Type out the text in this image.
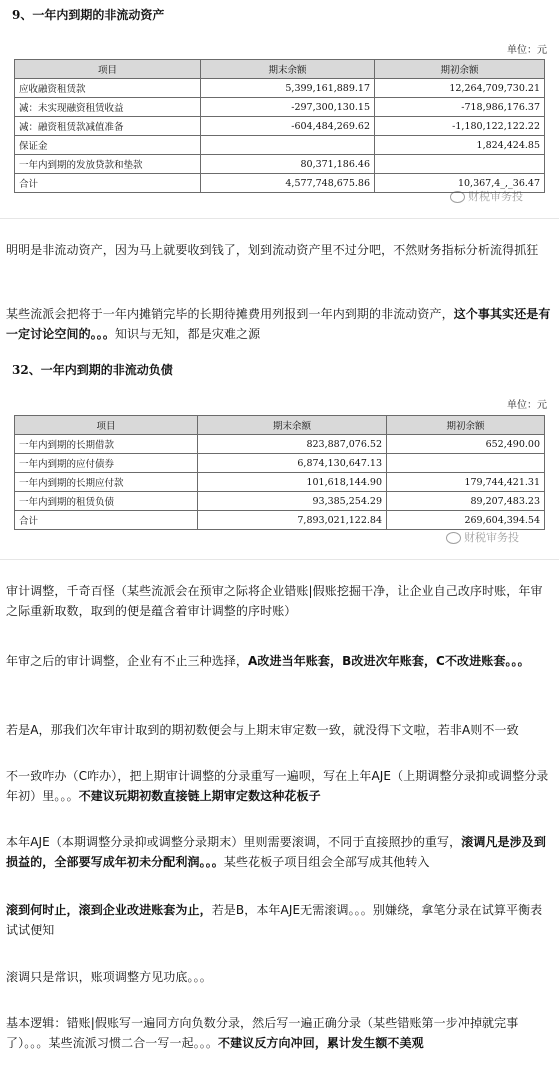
9、一年内到期的非流动资产
单位：元
项目	期末余额	期初余额
应收融资租赁款	5,399,161,889.17	12,264,709,730.21
减：未实现融资租赁收益	-297,300,130.15	-718,986,176.37
减：融资租赁款减值准备	-604,484,269.62	-1,180,122,122.22
保证金		1,824,424.85
一年内到期的发放贷款和垫款	80,371,186.46	
合计	4,577,748,675.86	10,367,4_,_36.47
财税审务投

明明是非流动资产，因为马上就要收到钱了，划到流动资产里不过分吧，不然财务指标分析流得抓狂

某些流派会把将于一年内摊销完毕的长期待摊费用列报到一年内到期的非流动资产，这个事其实还是有一定讨论空间的。。。知识与无知，都是灾难之源

32、一年内到期的非流动负债
单位：元
项目	期末余额	期初余额
一年内到期的长期借款	823,887,076.52	652,490.00
一年内到期的应付债券	6,874,130,647.13	
一年内到期的长期应付款	101,618,144.90	179,744,421.31
一年内到期的租赁负债	93,385,254.29	89,207,483.23
合计	7,893,021,122.84	269,604,394.54
财税审务投

审计调整，千奇百怪（某些流派会在预审之际将企业错账|假账挖掘干净，让企业自己改序时账，年审之际重新取数，取到的便是蕴含着审计调整的序时账）

年审之后的审计调整，企业有不止三种选择，A改进当年账套，B改进次年账套，C不改进账套。。。

若是A，那我们次年审计取到的期初数便会与上期末审定数一致，就没得下文啦，若非A则不一致

不一致咋办（C咋办），把上期审计调整的分录重写一遍呗，写在上年AJE（上期调整分录抑或调整分录年初）里。。。不建议玩期初数直接链上期审定数这种花板子

本年AJE（本期调整分录抑或调整分录期末）里则需要滚调，不同于直接照抄的重写，滚调凡是涉及到损益的，全部要写成年初未分配利润。。。某些花板子项目组会全部写成其他转入

滚到何时止，滚到企业改进账套为止，若是B，本年AJE无需滚调。。。别嫌绕，拿笔分录在试算平衡表试试便知

滚调只是常识，账项调整方见功底。。。

基本逻辑：错账|假账写一遍同方向负数分录，然后写一遍正确分录（某些错账第一步冲掉就完事了）。。。某些流派习惯二合一写一起。。。不建议反方向冲回，累计发生额不美观
